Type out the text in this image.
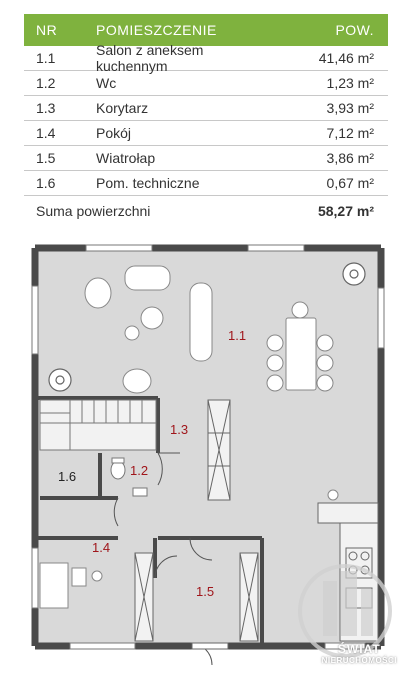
NR	POMIESZCZENIE	POW.
1.1	Salon z aneksem kuchennym	41,46 m²
1.2	Wc	1,23 m²
1.3	Korytarz	3,93 m²
1.4	Pokój	7,12 m²
1.5	Wiatrołap	3,86 m²
1.6	Pom. techniczne	0,67 m²
Suma powierzchni	58,27 m²
1.1
1.3
1.2
1.6
1.4
1.5
ŚWIAT
NIERUCHOMOŚCI
